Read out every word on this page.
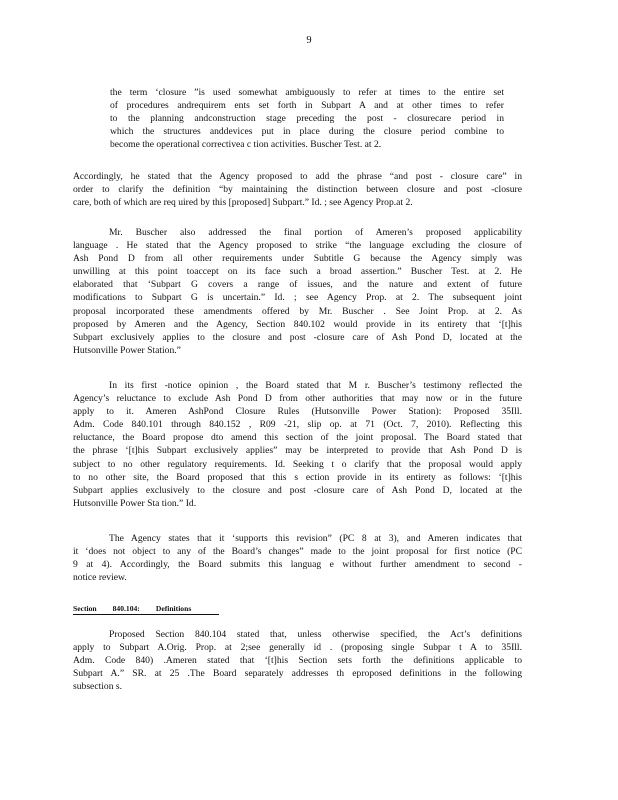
9
the term ‘closure ”is used somewhat ambiguously to refer at times to the entire set
of procedures andrequirem ents set forth in Subpart A and at other times to refer
to the planning andconstruction stage preceding the post - closurecare period in
which the structures anddevices put in place during the closure period combine to
become the operational correctivea c tion activities. Buscher Test. at 2.
Accordingly, he stated that the Agency proposed to add the phrase “and post - closure care” in
order to clarify the definition “by maintaining the distinction between closure and post -closure
care, both of which are req uired by this [proposed] Subpart.” Id. ; see Agency Prop.at 2.
Mr. Buscher also addressed the final portion of Ameren’s proposed applicability
language . He stated that the Agency proposed to strike “the language excluding the closure of
Ash Pond D from all other requirements under Subtitle G because the Agency simply was
unwilling at this point toaccept on its face such a broad assertion.” Buscher Test. at 2. He
elaborated that ‘Subpart G covers a range of issues, and the nature and extent of future
modifications to Subpart G is uncertain.” Id. ; see Agency Prop. at 2. The subsequent joint
proposal incorporated these amendments offered by Mr. Buscher . See Joint Prop. at 2. As
proposed by Ameren and the Agency, Section 840.102 would provide in its entirety that ‘[t]his
Subpart exclusively applies to the closure and post -closure care of Ash Pond D, located at the
Hutsonville Power Station.”
In its first -notice opinion , the Board stated that M r. Buscher’s testimony reflected the
Agency’s reluctance to exclude Ash Pond D from other authorities that may now or in the future
apply to it. Ameren AshPond Closure Rules (Hutsonville Power Station): Proposed 35Ill.
Adm. Code 840.101 through 840.152 , R09 -21, slip op. at 71 (Oct. 7, 2010). Reflecting this
reluctance, the Board propose dto amend this section of the joint proposal. The Board stated that
the phrase ‘[t]his Subpart exclusively applies” may be interpreted to provide that Ash Pond D is
subject to no other regulatory requirements. Id. Seeking t o clarify that the proposal would apply
to no other site, the Board proposed that this s ection provide in its entirety as follows: ‘[t]his
Subpart applies exclusively to the closure and post -closure care of Ash Pond D, located at the
Hutsonville Power Sta tion.” Id.
The Agency states that it ‘supports this revision” (PC 8 at 3), and Ameren indicates that
it ‘does not object to any of the Board’s changes” made to the joint proposal for first notice (PC
9 at 4). Accordingly, the Board submits this languag e without further amendment to second -
notice review.
Section 840.104: Definitions
Proposed Section 840.104 stated that, unless otherwise specified, the Act’s definitions
apply to Subpart A.Orig. Prop. at 2;see generally id . (proposing single Subpar t A to 35Ill.
Adm. Code 840) .Ameren stated that ‘[t]his Section sets forth the definitions applicable to
Subpart A.” SR. at 25 .The Board separately addresses th eproposed definitions in the following
subsection s.
